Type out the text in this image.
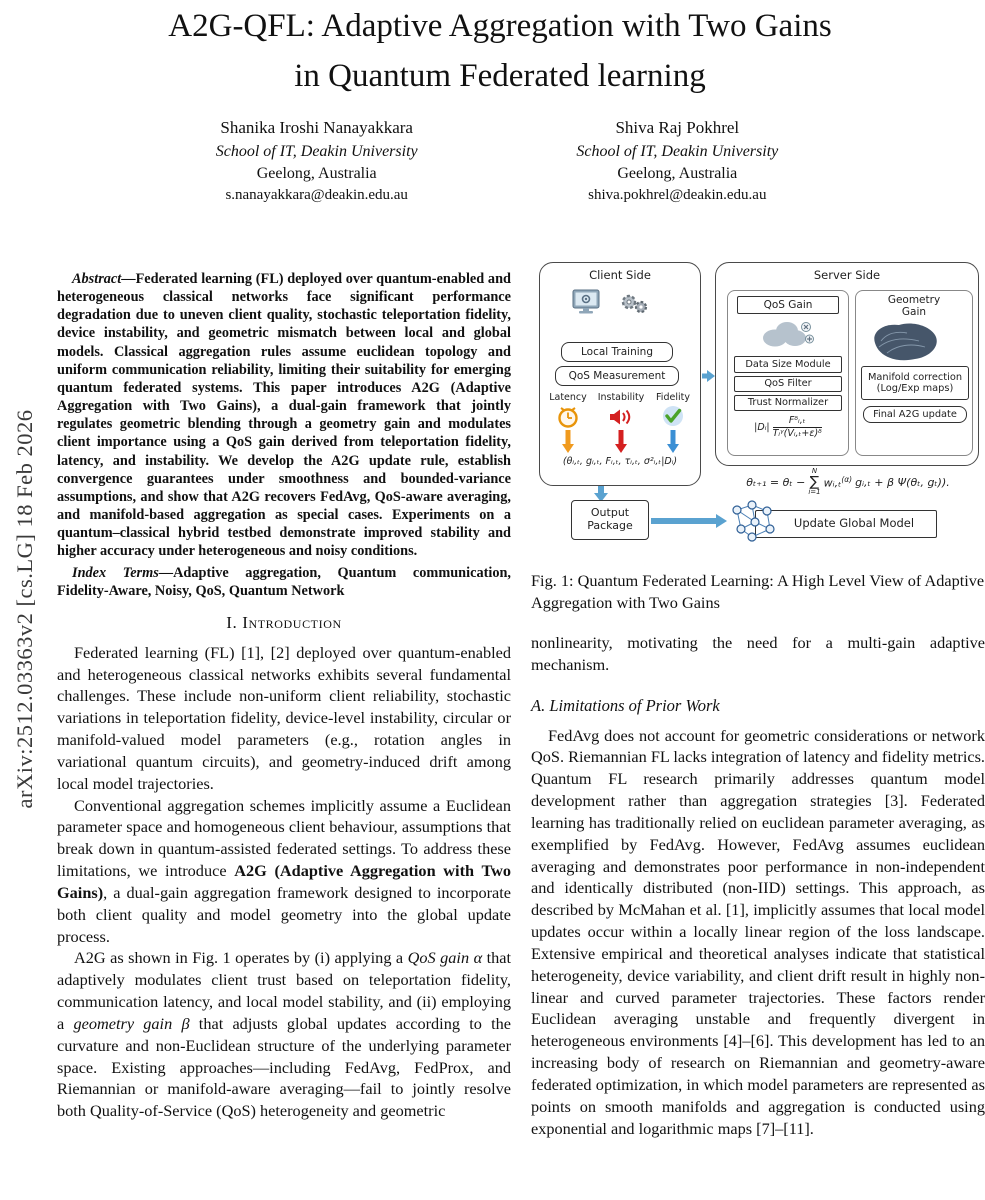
arXiv:2512.03363v2 [cs.LG] 18 Feb 2026
A2G-QFL: Adaptive Aggregation with Two Gains
in Quantum Federated learning
Shanika Iroshi Nanayakkara
School of IT, Deakin University
Geelong, Australia
s.nanayakkara@deakin.edu.au
Shiva Raj Pokhrel
School of IT, Deakin University
Geelong, Australia
shiva.pokhrel@deakin.edu.au

Abstract—Federated learning (FL) deployed over quantum-enabled and heterogeneous classical networks face significant performance degradation due to uneven client quality, stochastic teleportation fidelity, device instability, and geometric mismatch between local and global models. Classical aggregation rules assume euclidean topology and uniform communication reliability, limiting their suitability for emerging quantum federated systems. This paper introduces A2G (Adaptive Aggregation with Two Gains), a dual-gain framework that jointly regulates geometric blending through a geometry gain and modulates client importance using a QoS gain derived from teleportation fidelity, latency, and instability. We develop the A2G update rule, establish convergence guarantees under smoothness and bounded-variance assumptions, and show that A2G recovers FedAvg, QoS-aware averaging, and manifold-based aggregation as special cases. Experiments on a quantum–classical hybrid testbed demonstrate improved stability and higher accuracy under heterogeneous and noisy conditions.

Index Terms—Adaptive aggregation, Quantum communication, Fidelity-Aware, Noisy, QoS, Quantum Network

I. Introduction

Federated learning (FL) [1], [2] deployed over quantum-enabled and heterogeneous classical networks exhibits several fundamental challenges. These include non-uniform client reliability, stochastic variations in teleportation fidelity, device-level instability, circular or manifold-valued model parameters (e.g., rotation angles in variational quantum circuits), and geometry-induced drift among local model trajectories.

Conventional aggregation schemes implicitly assume a Euclidean parameter space and homogeneous client behaviour, assumptions that break down in quantum-assisted federated settings. To address these limitations, we introduce A2G (Adaptive Aggregation with Two Gains), a dual-gain aggregation framework designed to incorporate both client quality and model geometry into the global update process.

A2G as shown in Fig. 1 operates by (i) applying a QoS gain α that adaptively modulates client trust based on teleportation fidelity, communication latency, and local model stability, and (ii) employing a geometry gain β that adjusts global updates according to the curvature and non-Euclidean structure of the underlying parameter space. Existing approaches—including FedAvg, FedProx, and Riemannian or manifold-aware averaging—fail to jointly resolve both Quality-of-Service (QoS) heterogeneity and geometric

Client Side
Local Training
QoS Measurement
Latency	Instability	Fidelity
(θᵢ,ₜ, gᵢ,ₜ, Fᵢ,ₜ, τᵢ,ₜ, σ²ᵢ,ₜ|Dᵢ)
Server Side
QoS Gain
Data Size Module
QoS Filter
Trust Normalizer
|Dᵢ| $\frac{\text{Fᵟᵢ,ₜ}}{\text{Tᵢᵞ(Vᵢ,ₜ+ε)ᵟ}}$
Geometry Gain
Manifold correction
(Log/Exp maps)
Final A2G update
θₜ₊₁ = θₜ −
N
∑
i=1
wᵢ,ₜ$^{(\alpha)}$ gᵢ,ₜ + β Ψ(θₜ, gₜ)).
Output Package	Update Global Model

Fig. 1: Quantum Federated Learning: A High Level View of Adaptive Aggregation with Two Gains

nonlinearity, motivating the need for a multi-gain adaptive mechanism.

A. Limitations of Prior Work

FedAvg does not account for geometric considerations or network QoS. Riemannian FL lacks integration of latency and fidelity metrics. Quantum FL research primarily addresses quantum model development rather than aggregation strategies [3]. Federated learning has traditionally relied on euclidean parameter averaging, as exemplified by FedAvg. However, FedAvg assumes euclidean averaging and demonstrates poor performance in non-independent and identically distributed (non-IID) settings. This approach, as described by McMahan et al. [1], implicitly assumes that local model updates occur within a locally linear region of the loss landscape. Extensive empirical and theoretical analyses indicate that statistical heterogeneity, device variability, and client drift result in highly non-linear and curved parameter trajectories. These factors render Euclidean averaging unstable and frequently divergent in heterogeneous environments [4]–[6]. This development has led to an increasing body of research on Riemannian and geometry-aware federated optimization, in which model parameters are represented as points on smooth manifolds and aggregation is conducted using exponential and logarithmic maps [7]–[11].
